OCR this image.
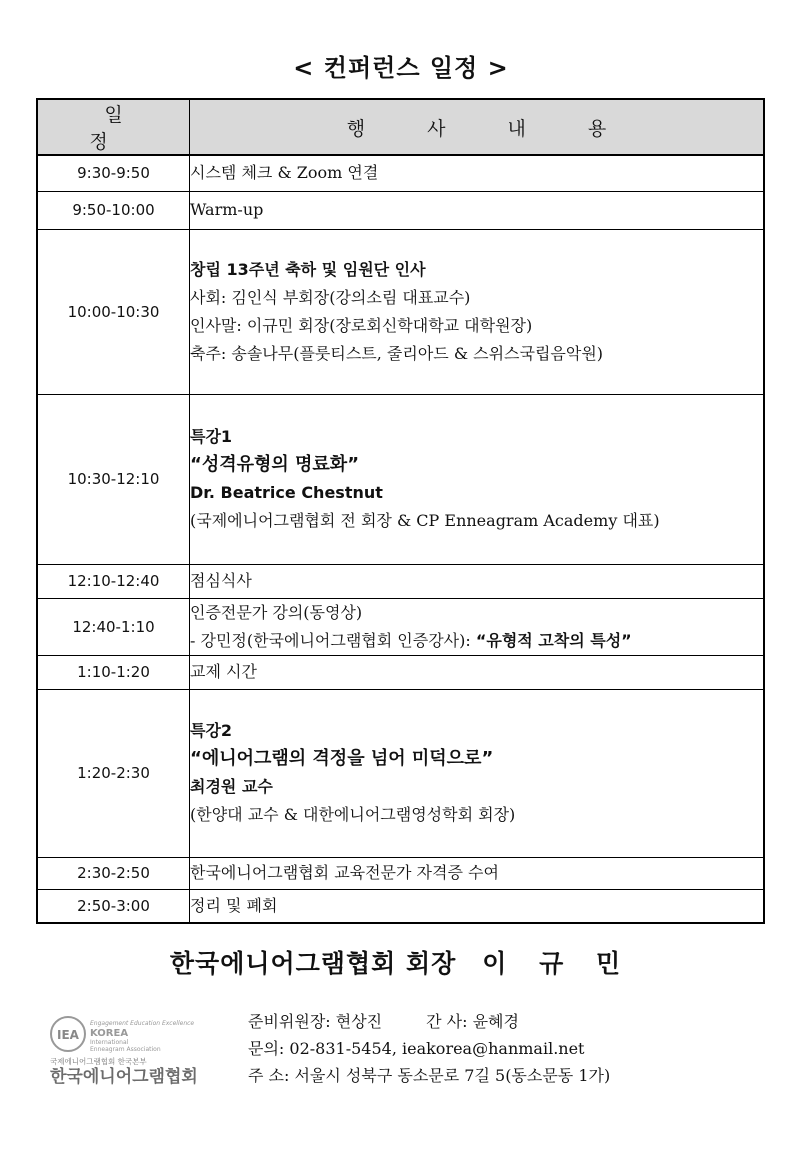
< 컨퍼런스 일정 >
일 정	행 사 내 용
9:30-9:50	시스템 체크 & Zoom 연결
9:50-10:00	Warm-up
10:00-10:30	창립 13주년 축하 및 임원단 인사
사회: 김인식 부회장(강의소림 대표교수)
인사말: 이규민 회장(장로회신학대학교 대학원장)
축주: 송솔나무(플룻티스트, 줄리아드 & 스위스국립음악원)

10:30-12:10	특강1
“성격유형의 명료화”
Dr. Beatrice Chestnut
(국제에니어그램협회 전 회장 & CP Enneagram Academy 대표)

12:10-12:40	점심식사
12:40-1:10	인증전문가 강의(동영상)
- 강민정(한국에니어그램협회 인증강사): “유형적 고착의 특성”

1:10-1:20	교제 시간
1:20-2:30	특강2
“에니어그램의 격정을 넘어 미덕으로”
최경원 교수
(한양대 교수 & 대한에니어그램영성학회 회장)

2:30-2:50	한국에니어그램협회 교육전문가 자격증 수여
2:50-3:00	정리 및 폐회
한국에니어그램협회 회장 이 규 민
IEA
Engagement Education Excellence
KOREA
International
Enneagram Association
국제에니어그램협회 한국본부
한국에니어그램협회
준비위원장: 현상진	간 사: 윤혜경
문의: 02-831-5454, ieakorea@hanmail.net
주 소: 서울시 성북구 동소문로 7길 5(동소문동 1가)
